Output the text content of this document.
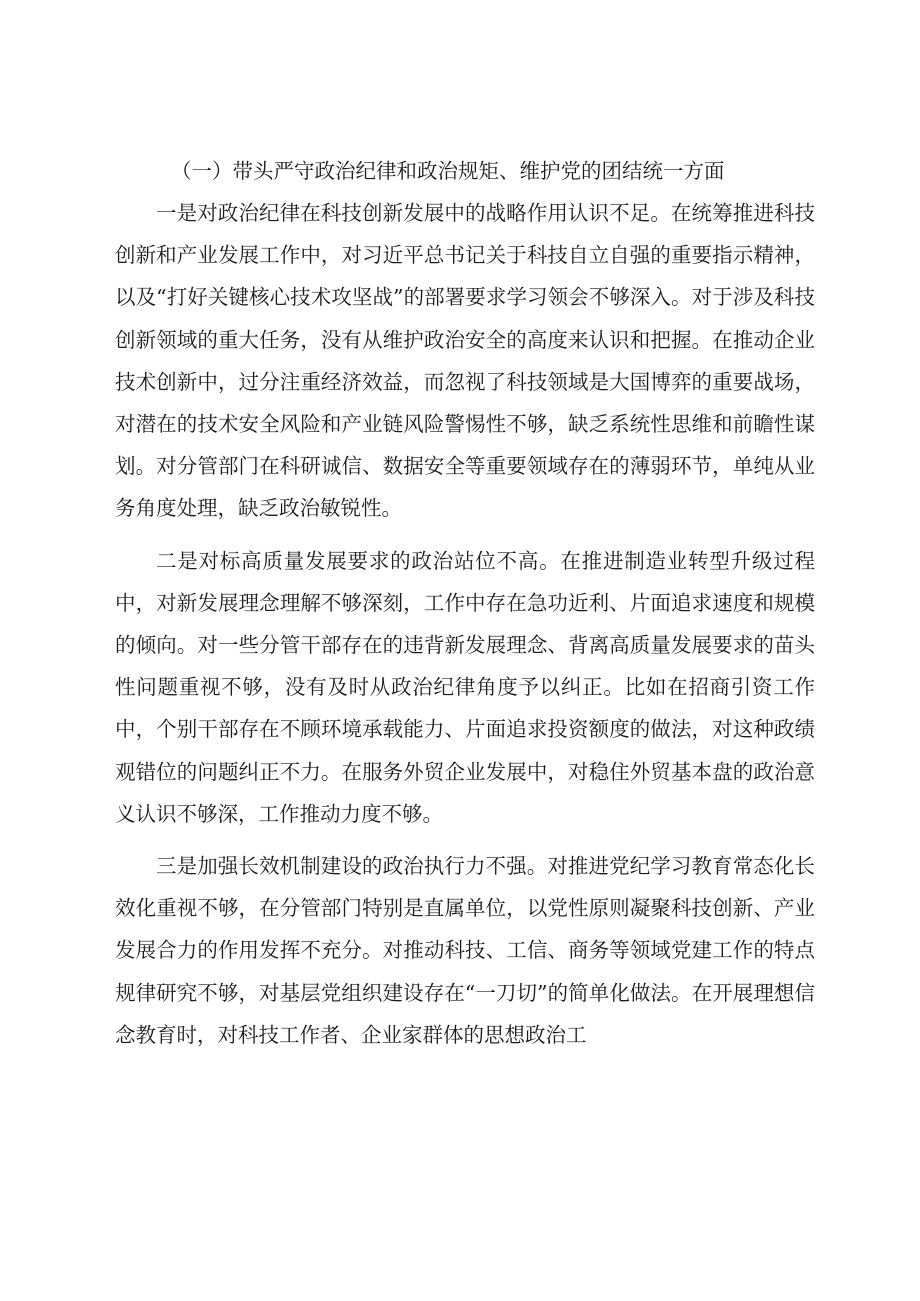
（一）带头严守政治纪律和政治规矩、维护党的团结统一方面

一是对政治纪律在科技创新发展中的战略作用认识不足。在统筹推进科技创新和产业发展工作中，对习近平总书记关于科技自立自强的重要指示精神，以及“打好关键核心技术攻坚战”的部署要求学习领会不够深入。对于涉及科技创新领域的重大任务，没有从维护政治安全的高度来认识和把握。在推动企业技术创新中，过分注重经济效益，而忽视了科技领域是大国博弈的重要战场，对潜在的技术安全风险和产业链风险警惕性不够，缺乏系统性思维和前瞻性谋划。对分管部门在科研诚信、数据安全等重要领域存在的薄弱环节，单纯从业务角度处理，缺乏政治敏锐性。

二是对标高质量发展要求的政治站位不高。在推进制造业转型升级过程中，对新发展理念理解不够深刻，工作中存在急功近利、片面追求速度和规模的倾向。对一些分管干部存在的违背新发展理念、背离高质量发展要求的苗头性问题重视不够，没有及时从政治纪律角度予以纠正。比如在招商引资工作中，个别干部存在不顾环境承载能力、片面追求投资额度的做法，对这种政绩观错位的问题纠正不力。在服务外贸企业发展中，对稳住外贸基本盘的政治意义认识不够深，工作推动力度不够。

三是加强长效机制建设的政治执行力不强。对推进党纪学习教育常态化长效化重视不够，在分管部门特别是直属单位，以党性原则凝聚科技创新、产业发展合力的作用发挥不充分。对推动科技、工信、商务等领域党建工作的特点规律研究不够，对基层党组织建设存在“一刀切”的简单化做法。在开展理想信念教育时，对科技工作者、企业家群体的思想政治工
